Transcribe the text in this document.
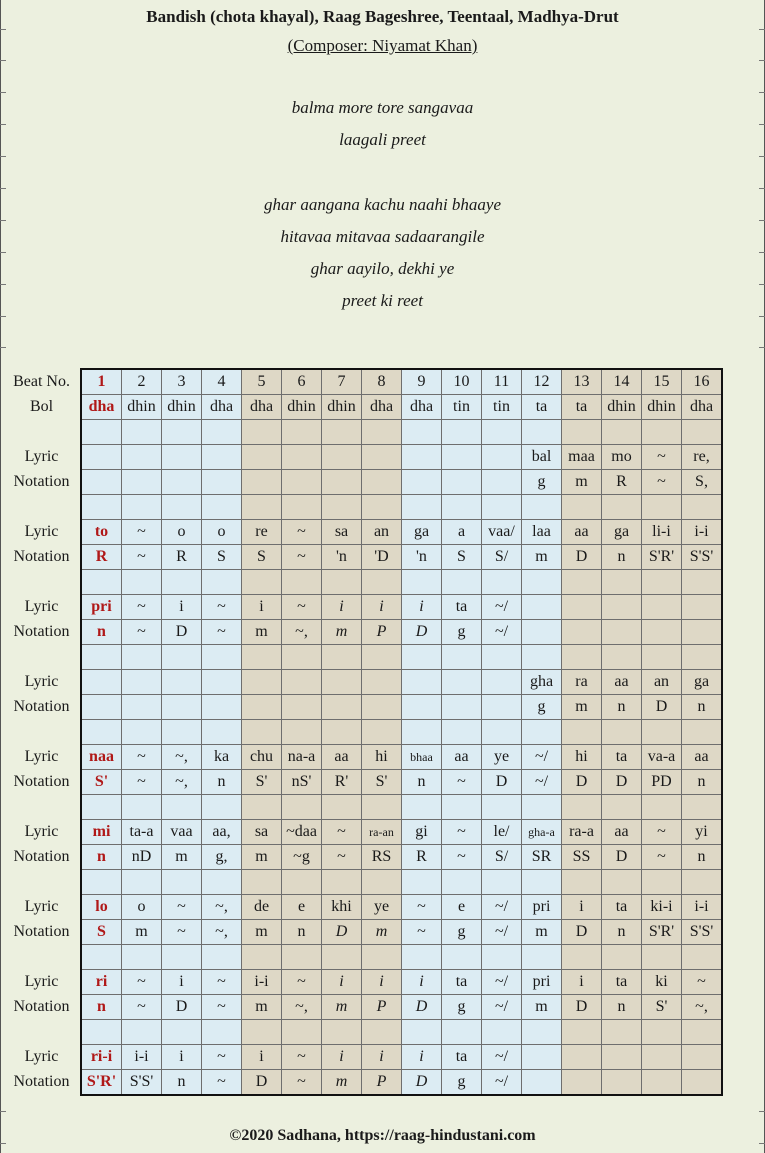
Bandish (chota khayal), Raag Bageshree, Teentaal, Madhya-Drut
(Composer: Niyamat Khan)
balma more tore sangavaa
laagali preet
ghar aangana kachu naahi bhaaye
hitavaa mitavaa sadaarangile
ghar aayilo, dekhi ye
preet ki reet
Beat No.	1	2	3	4	5	6	7	8	9	10	11	12	13	14	15	16
Bol	dha	dhin	dhin	dha	dha	dhin	dhin	dha	dha	tin	tin	ta	ta	dhin	dhin	dha

Lyric												bal	maa	mo	~	re,
Notation												g	m	R	~	S,

Lyric	to	~	o	o	re	~	sa	an	ga	a	vaa/	laa	aa	ga	li-i	i-i
Notation	R	~	R	S	S	~	'n	'D	'n	S	S/	m	D	n	S'R'	S'S'

Lyric	pri	~	i	~	i	~	i	i	i	ta	~/					
Notation	n	~	D	~	m	~,	m	P	D	g	~/					

Lyric												gha	ra	aa	an	ga
Notation												g	m	n	D	n

Lyric	naa	~	~,	ka	chu	na-a	aa	hi	bhaa	aa	ye	~/	hi	ta	va-a	aa
Notation	S'	~	~,	n	S'	nS'	R'	S'	n	~	D	~/	D	D	PD	n

Lyric	mi	ta-a	vaa	aa,	sa	~daa	~	ra-an	gi	~	le/	gha-a	ra-a	aa	~	yi
Notation	n	nD	m	g,	m	~g	~	RS	R	~	S/	SR	SS	D	~	n

Lyric	lo	o	~	~,	de	e	khi	ye	~	e	~/	pri	i	ta	ki-i	i-i
Notation	S	m	~	~,	m	n	D	m	~	g	~/	m	D	n	S'R'	S'S'

Lyric	ri	~	i	~	i-i	~	i	i	i	ta	~/	pri	i	ta	ki	~
Notation	n	~	D	~	m	~,	m	P	D	g	~/	m	D	n	S'	~,

Lyric	ri-i	i-i	i	~	i	~	i	i	i	ta	~/					
Notation	S'R'	S'S'	n	~	D	~	m	P	D	g	~/					
©2020 Sadhana, https://raag-hindustani.com
